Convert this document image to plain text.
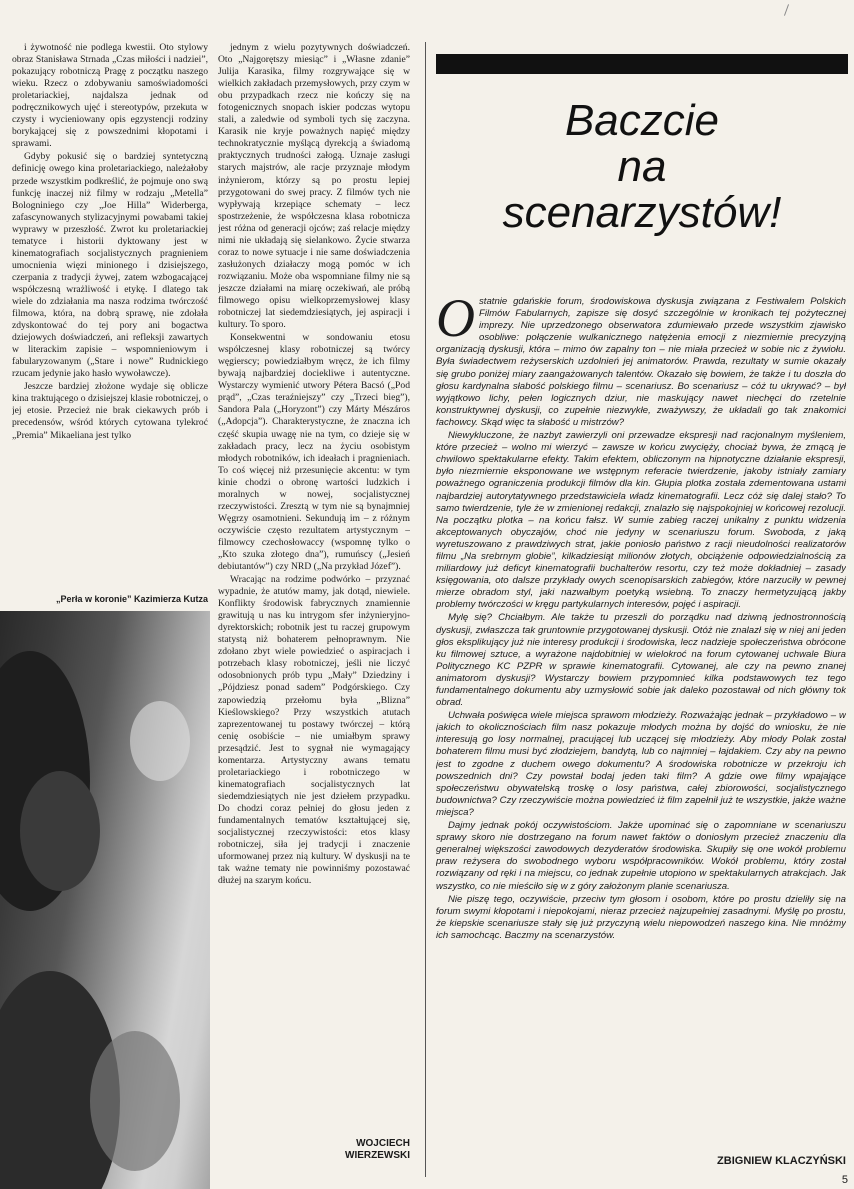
i żywotność nie podlega kwestii. Oto stylowy obraz Stanisława Strnada „Czas miłości i nadziei”, pokazujący robotniczą Pragę z początku naszego wieku. Rzecz o zdobywaniu samoświadomości proletariackiej, najdalsza jednak od podręcznikowych ujęć i stereotypów, przekuta w czysty i wycieniowany opis egzystencji rodziny borykającej się z powszednimi kłopotami i sprawami.

Gdyby pokusić się o bardziej syntetyczną definicję owego kina proletariackiego, należałoby przede wszystkim podkreślić, że pojmuje ono swą funkcję inaczej niż filmy w rodzaju „Metella” Bologniniego czy „Joe Hilla” Widerberga, zafascynowanych stylizacyjnymi powabami takiej wyprawy w przeszłość. Zwrot ku proletariackiej tematyce i historii dyktowany jest w kinematografiach socjalistycznych pragnieniem umocnienia więzi minionego i dzisiejszego, czerpania z tradycji żywej, zatem wzbogacającej współczesną wrażliwość i etykę. I dlatego tak wiele do zdziałania ma nasza rodzima twórczość filmowa, która, na dobrą sprawę, nie zdołała zdyskontować do tej pory ani bogactwa dziejowych doświadczeń, ani refleksji zawartych w literackim zapisie – wspomnieniowym i fabularyzowanym („Stare i nowe” Rudnickiego rzucam jedynie jako hasło wywoławcze).

Jeszcze bardziej złożone wydaje się oblicze kina traktującego o dzisiejszej klasie robotniczej, o jej etosie. Przecież nie brak ciekawych prób i precedensów, wśród których cytowana tylekroć „Premia” Mikaeliana jest tylko

„Perła w koronie” Kazimierza Kutza

jednym z wielu pozytywnych doświadczeń. Oto „Najgorętszy miesiąc” i „Własne zdanie” Julija Karasika, filmy rozgrywające się w wielkich zakładach przemysłowych, przy czym w obu przypadkach rzecz nie kończy się na fotogenicznych snopach iskier podczas wytopu stali, a zaledwie od symboli tych się zaczyna. Karasik nie kryje poważnych napięć między technokratycznie myślącą dyrekcją a świadomą praktycznych trudności załogą. Uznaje zasługi starych majstrów, ale racje przyznaje młodym inżynierom, którzy są po prostu lepiej przygotowani do swej pracy. Z filmów tych nie wypływają krzepiące schematy – lecz spostrzeżenie, że współczesna klasa robotnicza jest różna od generacji ojców; zaś relacje między nimi nie układają się sielankowo. Życie stwarza coraz to nowe sytuacje i nie same doświadczenia zasłużonych działaczy mogą pomóc w ich rozwiązaniu. Może oba wspomniane filmy nie są jeszcze działami na miarę oczekiwań, ale próbą filmowego opisu wielkoprzemysłowej klasy robotniczej lat siedemdziesiątych, jej aspiracji i kultury. To sporo.

Konsekwentni w sondowaniu etosu współczesnej klasy robotniczej są twórcy węgierscy; powiedziałbym wręcz, że ich filmy bywają najbardziej dociekliwe i autentyczne. Wystarczy wymienić utwory Pétera Bacsó („Pod prąd”, „Czas teraźniejszy” czy „Trzeci bieg”), Sandora Pala („Horyzont”) czy Márty Mészáros („Adopcja”). Charakterystyczne, że znaczna ich część skupia uwagę nie na tym, co dzieje się w zakładach pracy, lecz na życiu osobistym młodych robotników, ich ideałach i pragnieniach. To coś więcej niż przesunięcie akcentu: w tym kinie chodzi o obronę wartości ludzkich i moralnych w nowej, socjalistycznej rzeczywistości. Zresztą w tym nie są bynajmniej Węgrzy osamotnieni. Sekundują im – z różnym oczywiście często rezultatem artystycznym – filmowcy czechosłowaccy (wspomnę tylko o „Kto szuka złotego dna”), rumuńscy („Jesień debiutantów”) czy NRD („Na przykład Józef”).

Wracając na rodzime podwórko – przyznać wypadnie, że atutów mamy, jak dotąd, niewiele. Konflikty środowisk fabrycznych znamiennie grawitują u nas ku intrygom sfer inżynieryjno-dyrektorskich; robotnik jest tu raczej grupowym statystą niż bohaterem pełnoprawnym. Nie zdołano zbyt wiele powiedzieć o aspiracjach i potrzebach klasy robotniczej, jeśli nie liczyć odosobnionych prób typu „Mały” Dziedziny i „Pójdziesz ponad sadem” Podgórskiego. Czy zapowiedzią przełomu była „Blizna” Kieślowskiego? Przy wszystkich atutach zaprezentowanej tu postawy twórczej – którą cenię osobiście – nie umiałbym sprawy przesądzić. Jest to sygnał nie wymagający komentarza. Artystyczny awans tematu proletariackiego i robotniczego w kinematografiach socjalistycznych lat siedemdziesiątych nie jest dziełem przypadku. Do chodzi coraz pełniej do głosu jeden z fundamentalnych tematów kształtującej się, socjalistycznej rzeczywistości: etos klasy robotniczej, siła jej tradycji i znaczenie uformowanej przez nią kultury. W dyskusji na te tak ważne tematy nie powinniśmy pozostawać dłużej na szarym końcu.

WOJCIECH
WIERZEWSKI
Baczcie
na
scenarzystów!

Ostatnie gdańskie forum, środowiskowa dyskusja związana z Festiwalem Polskich Filmów Fabularnych, zapisze się dosyć szczególnie w kronikach tej pożytecznej imprezy. Nie uprzedzonego obserwatora zdumiewało przede wszystkim zjawisko osobliwe: połączenie wulkanicznego natężenia emocji z niezmiernie precyzyjną organizacją dyskusji, która – mimo ów zapalny ton – nie miała przecież w sobie nic z żywiołu. Była świadectwem reżyserskich uzdolnień jej animatorów. Prawda, rezultaty w sumie okazały się grubo poniżej miary zaangażowanych talentów. Okazało się bowiem, że także i tu doszła do głosu kardynalna słabość polskiego filmu – scenariusz. Bo scenariusz – cóż tu ukrywać? – był wyjątkowo lichy, pełen logicznych dziur, nie maskujący nawet niechęci do rzetelnie konstruktywnej dyskusji, co zupełnie niezwykłe, zważywszy, że układali go tak znakomici fachowcy. Skąd więc ta słabość u mistrzów?

Niewykluczone, że nazbyt zawierzyli oni przewadze ekspresji nad racjonalnym myśleniem, które przecież – wolno mi wierzyć – zawsze w końcu zwycięży, chociaż bywa, że zmącą je chwilowo spektakularne efekty. Takim efektem, obliczonym na hipnotyczne działanie ekspresji, było niezmiernie eksponowane we wstępnym referacie twierdzenie, jakoby istniały zamiary poważnego ograniczenia produkcji filmów dla kin. Głupia plotka została zdementowana ustami najbardziej autorytatywnego przedstawiciela władz kinematografii. Lecz cóż się dalej stało? To samo twierdzenie, tyle że w zmienionej redakcji, znalazło się najspokojniej w końcowej rezolucji. Na początku plotka – na końcu fałsz. W sumie zabieg raczej unikalny z punktu widzenia akceptowanych obyczajów, choć nie jedyny w scenariuszu forum. Swoboda, z jaką wyretuszowano z prawdziwych strat, jakie poniosło państwo z racji nieudolności realizatorów filmu „Na srebrnym globie”, kilkadziesiąt milionów złotych, obciążenie odpowiedzialnością za miliardowy już deficyt kinematografii buchalterów resortu, czy też może dokładniej – zasady księgowania, oto dalsze przykłady owych scenopisarskich zabiegów, które narzuciły w pewnej mierze obradom styl, jaki nazwałbym poetyką wsiebną. To znaczy hermetyzującą jakby problemy twórczości w kręgu partykularnych interesów, pojęć i aspiracji.

Mylę się? Chciałbym. Ale także tu przeszli do porządku nad dziwną jednostronnością dyskusji, zwłaszcza tak gruntownie przygotowanej dyskusji. Otóż nie znalazł się w niej ani jeden głos eksplikujący już nie interesy produkcji i środowiska, lecz nadzieje społeczeństwa obrócone ku filmowej sztuce, a wyrażone najdobitniej w wielokroć na forum cytowanej uchwale Biura Politycznego KC PZPR w sprawie kinematografii. Cytowanej, ale czy na pewno znanej animatorom dyskusji? Wystarczy bowiem przypomnieć kilka podstawowych tez tego fundamentalnego dokumentu aby uzmysłowić sobie jak daleko pozostawał od nich główny tok obrad.

Uchwała poświęca wiele miejsca sprawom młodzieży. Rozważając jednak – przykładowo – w jakich to okolicznościach film nasz pokazuje młodych można by dojść do wniosku, że nie interesują go losy normalnej, pracującej lub uczącej się młodzieży. Aby młody Polak został bohaterem filmu musi być złodziejem, bandytą, lub co najmniej – łajdakiem. Czy aby na pewno jest to zgodne z duchem owego dokumentu? A środowiska robotnicze w przekroju ich powszednich dni? Czy powstał bodaj jeden taki film? A gdzie owe filmy wpajające społeczeństwu obywatelską troskę o losy państwa, całej zbiorowości, socjalistycznego budownictwa? Czy rzeczywiście można powiedzieć iż film zapełnił już te wszystkie, jakże ważne miejsca?

Dajmy jednak pokój oczywistościom. Jakże upominać się o zapomniane w scenariuszu sprawy skoro nie dostrzegano na forum nawet faktów o doniosłym przecież znaczeniu dla generalnej większości zawodowych dezyderatów środowiska. Skupiły się one wokół problemu praw reżysera do swobodnego wyboru współpracowników. Wokół problemu, który został rozwiązany od ręki i na miejscu, co jednak zupełnie utopiono w spektakularnych atrakcjach. Jak wszystko, co nie mieściło się w z góry założonym planie scenariusza.

Nie piszę tego, oczywiście, przeciw tym głosom i osobom, które po prostu dzieliły się na forum swymi kłopotami i niepokojami, nieraz przecież najzupełniej zasadnymi. Myślę po prostu, że kiepskie scenariusze stały się już przyczyną wielu niepowodzeń naszego kina. Nie mnóżmy ich samochcąc. Baczmy na scenarzystów.

ZBIGNIEW KLACZYŃSKI
5
